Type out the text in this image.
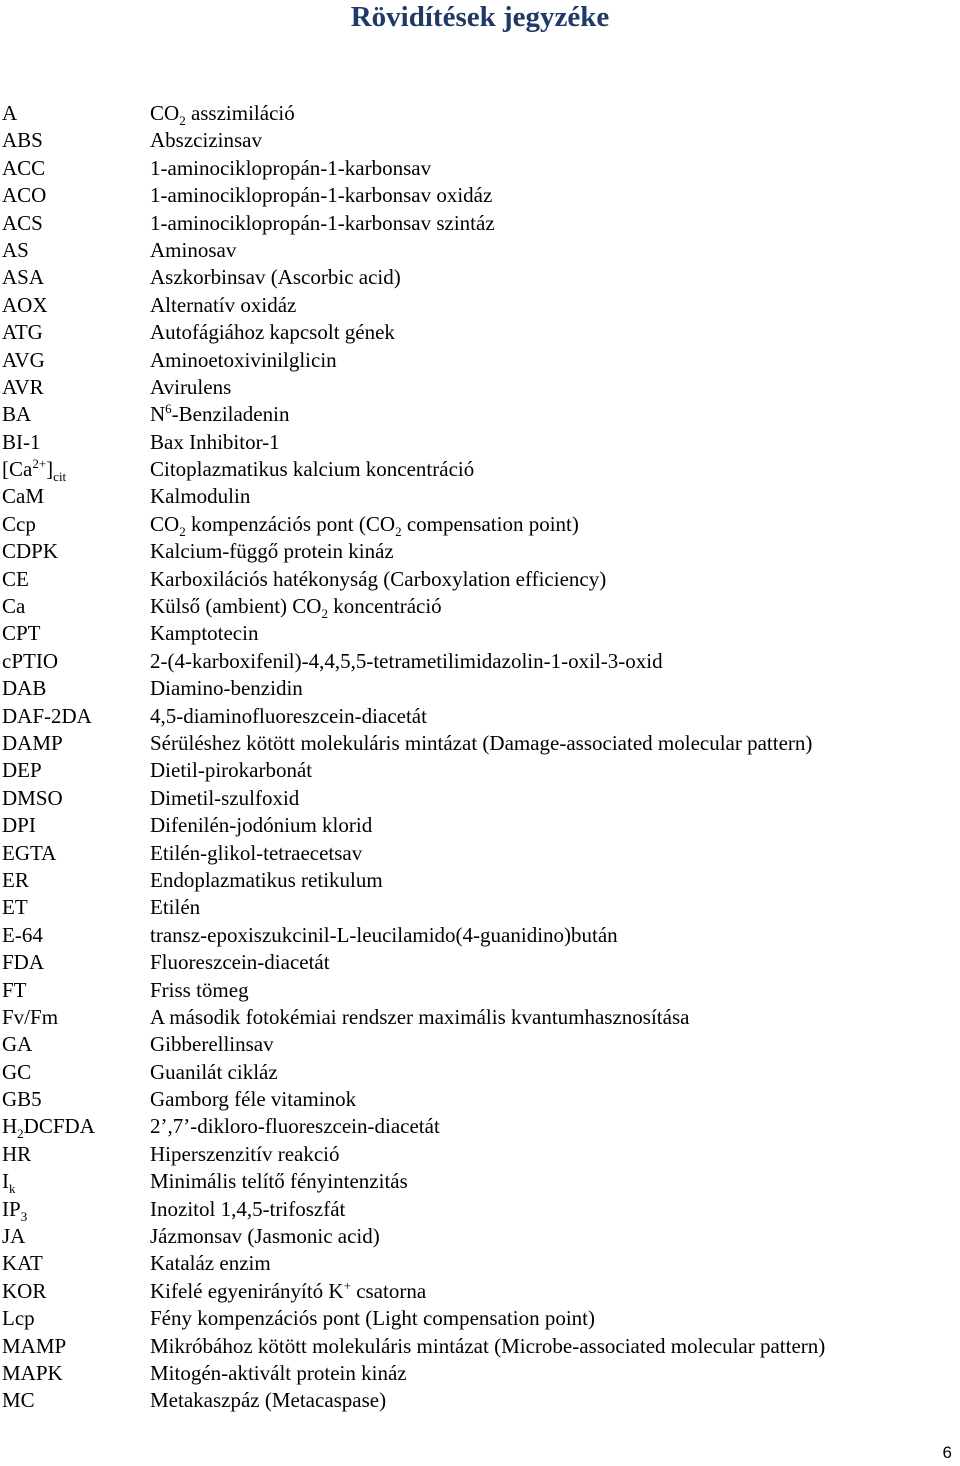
Rövidítések jegyzéke
A	$CO_2$ asszimiláció
ABS	Abszcizinsav
ACC	1-aminociklopropán-1-karbonsav
ACO	1-aminociklopropán-1-karbonsav oxidáz
ACS	1-aminociklopropán-1-karbonsav szintáz
AS	Aminosav
ASA	Aszkorbinsav (Ascorbic acid)
AOX	Alternatív oxidáz
ATG	Autofágiához kapcsolt gének
AVG	Aminoetoxivinilglicin
AVR	Avirulens
BA	$N^6$-Benziladenin
BI-1	Bax Inhibitor-1
$[Ca^{2+}]_{cit}$	Citoplazmatikus kalcium koncentráció
CaM	Kalmodulin
Ccp	$CO_2$ kompenzációs pont ($CO_2$ compensation point)
CDPK	Kalcium-függő protein kináz
CE	Karboxilációs hatékonyság (Carboxylation efficiency)
Ca	Külső (ambient) $CO_2$ koncentráció
CPT	Kamptotecin
cPTIO	2-(4-karboxifenil)-4,4,5,5-tetrametilimidazolin-1-oxil-3-oxid
DAB	Diamino-benzidin
DAF-2DA	4,5-diaminofluoreszcein-diacetát
DAMP	Sérüléshez kötött molekuláris mintázat (Damage-associated molecular pattern)
DEP	Dietil-pirokarbonát
DMSO	Dimetil-szulfoxid
DPI	Difenilén-jodónium klorid
EGTA	Etilén-glikol-tetraecetsav
ER	Endoplazmatikus retikulum
ET	Etilén
E-64	transz-epoxiszukcinil-L-leucilamido(4-guanidino)bután
FDA	Fluoreszcein-diacetát
FT	Friss tömeg
Fv/Fm	A második fotokémiai rendszer maximális kvantumhasznosítása
GA	Gibberellinsav
GC	Guanilát cikláz
GB5	Gamborg féle vitaminok
$H_2DCFDA$	2’,7’-dikloro-fluoreszcein-diacetát
HR	Hiperszenzitív reakció
$I_k$	Minimális telítő fényintenzitás
$IP_3$	Inozitol 1,4,5-trifoszfát
JA	Jázmonsav (Jasmonic acid)
KAT	Kataláz enzim
KOR	Kifelé egyenirányító K+ csatorna
Lcp	Fény kompenzációs pont (Light compensation point)
MAMP	Mikróbához kötött molekuláris mintázat (Microbe-associated molecular pattern)
MAPK	Mitogén-aktivált protein kináz
MC	Metakaszpáz (Metacaspase)
6
